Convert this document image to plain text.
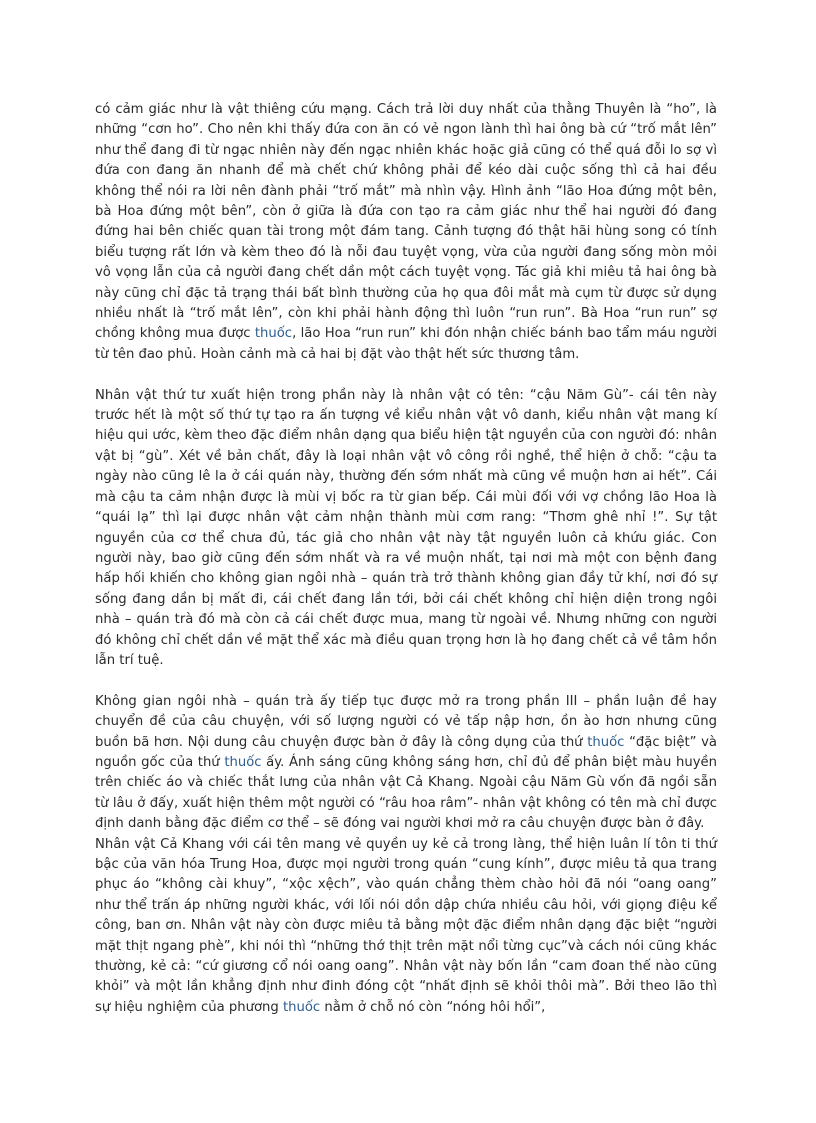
có cảm giác như là vật thiêng cứu mạng. Cách trả lời duy nhất của thằng Thuyên là “ho”, là những “cơn ho”. Cho nên khi thấy đứa con ăn có vẻ ngon lành thì hai ông bà cứ “trố mắt lên” như thể đang đi từ ngạc nhiên này đến ngạc nhiên khác hoặc giả cũng có thể quá đỗi lo sợ vì đứa con đang ăn nhanh để mà chết chứ không phải để kéo dài cuộc sống thì cả hai đều không thể nói ra lời nên đành phải “trố mắt” mà nhìn vậy. Hình ảnh “lão Hoa đứng một bên, bà Hoa đứng một bên”, còn ở giữa là đứa con tạo ra cảm giác như thể hai người đó đang đứng hai bên chiếc quan tài trong một đám tang. Cảnh tượng đó thật hãi hùng song có tính biểu tượng rất lớn và kèm theo đó là nỗi đau tuyệt vọng, vừa của người đang sống mòn mỏi vô vọng lẫn của cả người đang chết dần một cách tuyệt vọng. Tác giả khi miêu tả hai ông bà này cũng chỉ đặc tả trạng thái bất bình thường của họ qua đôi mắt mà cụm từ được sử dụng nhiều nhất là “trố mắt lên”, còn khi phải hành động thì luôn “run run”. Bà Hoa “run run” sợ chồng không mua được thuốc, lão Hoa “run run” khi đón nhận chiếc bánh bao tẩm máu người từ tên đao phủ. Hoàn cảnh mà cả hai bị đặt vào thật hết sức thương tâm.

Nhân vật thứ tư xuất hiện trong phần này là nhân vật có tên: “cậu Năm Gù”- cái tên này trước hết là một số thứ tự tạo ra ấn tượng về kiểu nhân vật vô danh, kiểu nhân vật mang kí hiệu qui ước, kèm theo đặc điểm nhân dạng qua biểu hiện tật nguyền của con người đó: nhân vật bị “gù”. Xét về bản chất, đây là loại nhân vật vô công rồi nghề, thể hiện ở chỗ: “cậu ta ngày nào cũng lê la ở cái quán này, thường đến sớm nhất mà cũng về muộn hơn ai hết”. Cái mà cậu ta cảm nhận được là mùi vị bốc ra từ gian bếp. Cái mùi đối với vợ chồng lão Hoa là “quái lạ” thì lại được nhân vật cảm nhận thành mùi cơm rang: “Thơm ghê nhỉ !”. Sự tật nguyền của cơ thể chưa đủ, tác giả cho nhân vật này tật nguyền luôn cả khứu giác. Con người này, bao giờ cũng đến sớm nhất và ra về muộn nhất, tại nơi mà một con bệnh đang hấp hối khiến cho không gian ngôi nhà – quán trà trở thành không gian đầy tử khí, nơi đó sự sống đang dần bị mất đi, cái chết đang lần tới, bởi cái chết không chỉ hiện diện trong ngôi nhà – quán trà đó mà còn cả cái chết được mua, mang từ ngoài về. Nhưng những con người đó không chỉ chết dần về mặt thể xác mà điều quan trọng hơn là họ đang chết cả về tâm hồn lẫn trí tuệ.

Không gian ngôi nhà – quán trà ấy tiếp tục được mở ra trong phần III – phần luận đề hay chuyển đề của câu chuyện, với số lượng người có vẻ tấp nập hơn, ồn ào hơn nhưng cũng buồn bã hơn. Nội dung câu chuyện được bàn ở đây là công dụng của thứ thuốc “đặc biệt” và nguồn gốc của thứ thuốc ấy. Ánh sáng cũng không sáng hơn, chỉ đủ để phân biệt màu huyền trên chiếc áo và chiếc thắt lưng của nhân vật Cả Khang. Ngoài cậu Năm Gù vốn đã ngồi sẵn từ lâu ở đấy, xuất hiện thêm một người có “râu hoa râm”- nhân vật không có tên mà chỉ được định danh bằng đặc điểm cơ thể – sẽ đóng vai người khơi mở ra câu chuyện được bàn ở đây.

Nhân vật Cả Khang với cái tên mang vẻ quyền uy kẻ cả trong làng, thể hiện luân lí tôn ti thứ bậc của văn hóa Trung Hoa, được mọi người trong quán “cung kính”, được miêu tả qua trang phục áo “không cài khuy”, “xộc xệch”, vào quán chẳng thèm chào hỏi đã nói “oang oang” như thể trấn áp những người khác, với lối nói dồn dập chứa nhiều câu hỏi, với giọng điệu kể công, ban ơn. Nhân vật này còn được miêu tả bằng một đặc điểm nhân dạng đặc biệt “người mặt thịt ngang phè”, khi nói thì “những thớ thịt trên mặt nổi từng cục”và cách nói cũng khác thường, kẻ cả: “cứ giương cổ nói oang oang”. Nhân vật này bốn lần “cam đoan thế nào cũng khỏi” và một lần khẳng định như đinh đóng cột “nhất định sẽ khỏi thôi mà”. Bởi theo lão thì sự hiệu nghiệm của phương thuốc nằm ở chỗ nó còn “nóng hôi hổi”,
